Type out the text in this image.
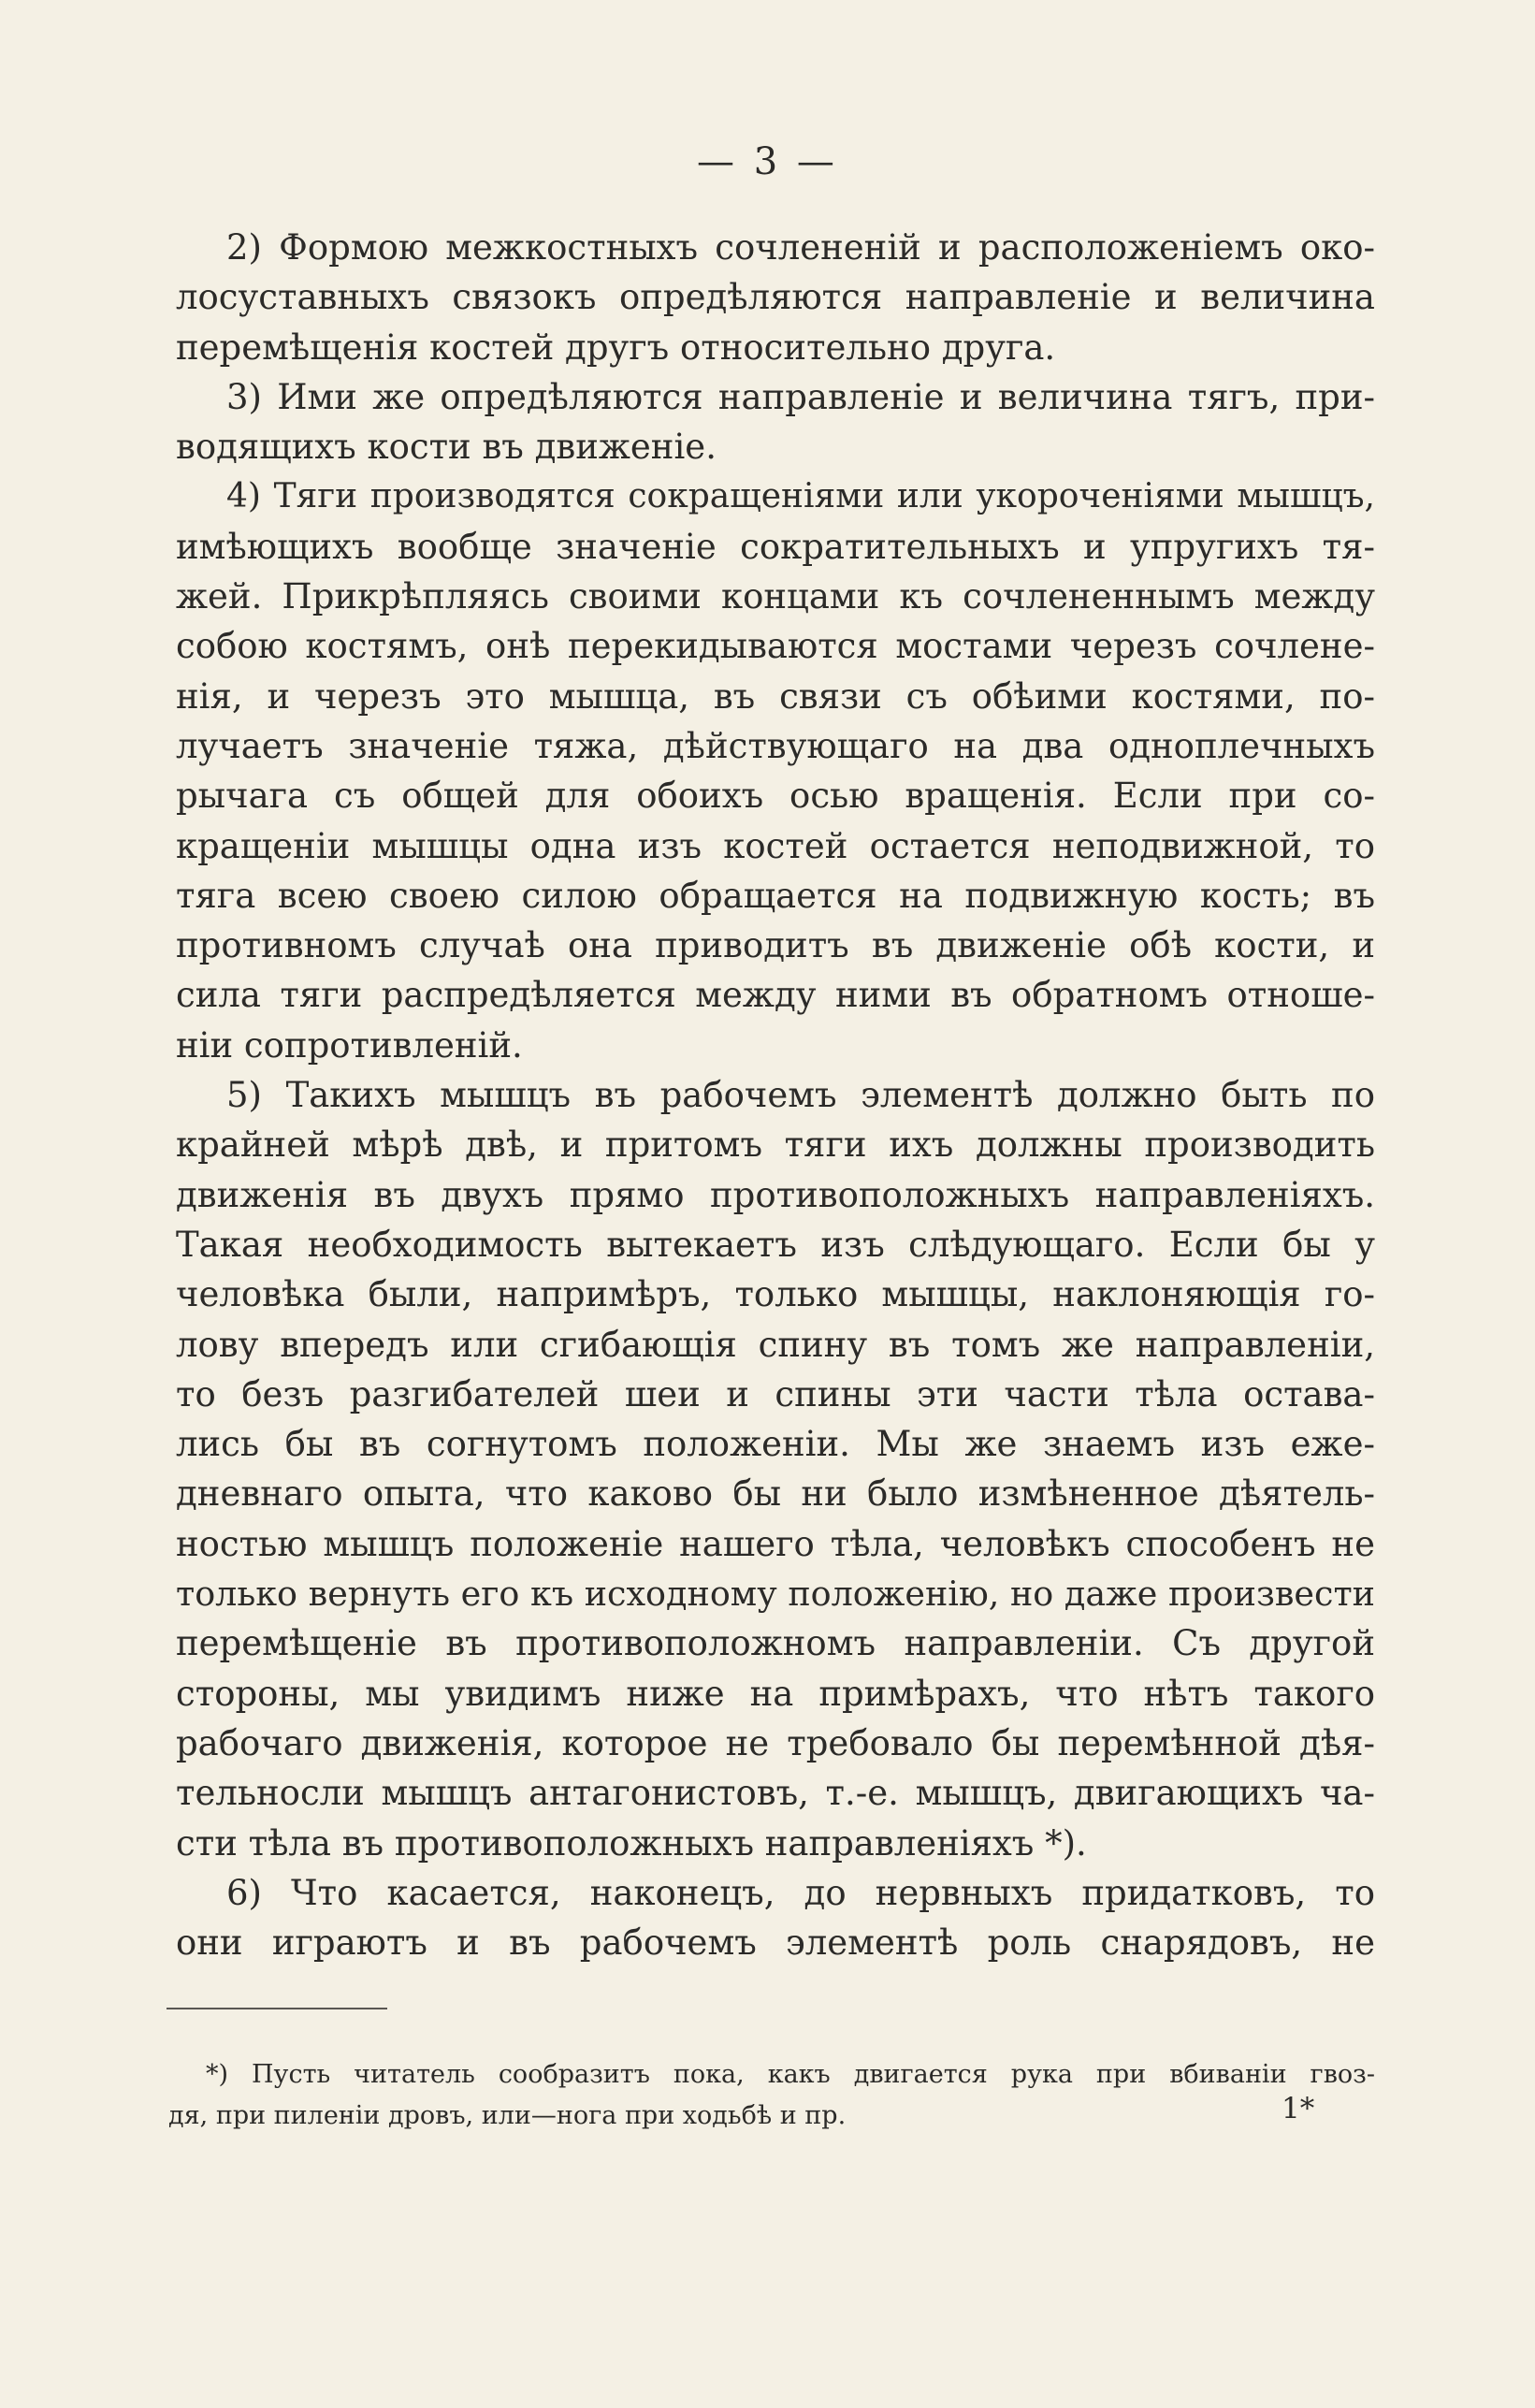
— 3 —
2) Формою межкостныхъ сочлененій и расположеніемъ око-
лосуставныхъ связокъ опредѣляются направленіе и величина
перемѣщенія костей другъ относительно друга.
3) Ими же опредѣляются направленіе и величина тягъ, при-
водящихъ кости въ движеніе.
4) Тяги производятся сокращеніями или укороченіями мышцъ,
имѣющихъ вообще значеніе сократительныхъ и упругихъ тя-
жей. Прикрѣпляясь своими концами къ сочлененнымъ между
собою костямъ, онѣ перекидываются мостами черезъ сочлене-
нія, и черезъ это мышца, въ связи съ обѣими костями, по-
лучаетъ значеніе тяжа, дѣйствующаго на два одноплечныхъ
рычага съ общей для обоихъ осью вращенія. Если при со-
кращеніи мышцы одна изъ костей остается неподвижной, то
тяга всею своею силою обращается на подвижную кость; въ
противномъ случаѣ она приводитъ въ движеніе обѣ кости, и
сила тяги распредѣляется между ними въ обратномъ отноше-
ніи сопротивленій.
5) Такихъ мышцъ въ рабочемъ элементѣ должно быть по
крайней мѣрѣ двѣ, и притомъ тяги ихъ должны производить
движенія въ двухъ прямо противоположныхъ направленіяхъ.
Такая необходимость вытекаетъ изъ слѣдующаго. Если бы у
человѣка были, напримѣръ, только мышцы, наклоняющія го-
лову впередъ или сгибающія спину въ томъ же направленіи,
то безъ разгибателей шеи и спины эти части тѣла остава-
лись бы въ согнутомъ положеніи. Мы же знаемъ изъ еже-
дневнаго опыта, что каково бы ни было измѣненное дѣятель-
ностью мышцъ положеніе нашего тѣла, человѣкъ способенъ не
только вернуть его къ исходному положенію, но даже произвести
перемѣщеніе въ противоположномъ направленіи. Съ другой
стороны, мы увидимъ ниже на примѣрахъ, что нѣтъ такого
рабочаго движенія, которое не требовало бы перемѣнной дѣя-
тельносли мышцъ антагонистовъ, т.-е. мышцъ, двигающихъ ча-
сти тѣла въ противоположныхъ направленіяхъ *).
6) Что касается, наконецъ, до нервныхъ придатковъ, то
они играютъ и въ рабочемъ элементѣ роль снарядовъ, не
*) Пусть читатель сообразитъ пока, какъ двигается рука при вбиваніи гвоз-
дя, при пиленіи дровъ, или—нога при ходьбѣ и пр.	1*
